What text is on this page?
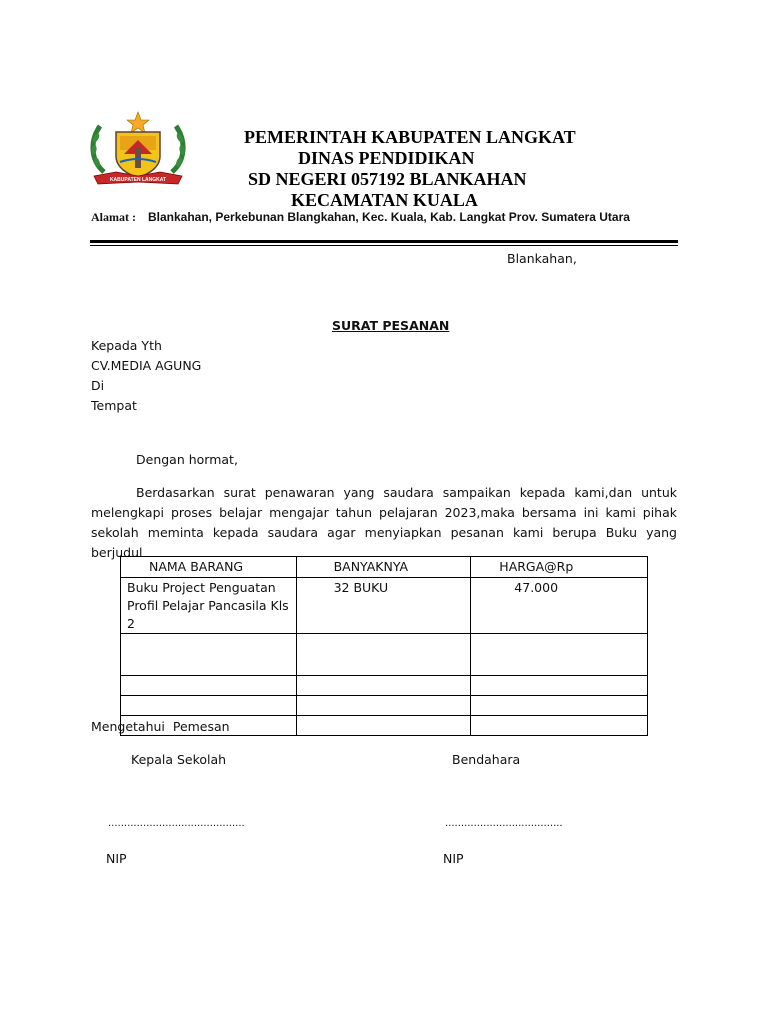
KABUPATEN LANGKAT
PEMERINTAH KABUPATEN LANGKAT
DINAS PENDIDIKAN
SD NEGERI 057192 BLANKAHAN
KECAMATAN KUALA
Alamat : Blankahan, Perkebunan Blangkahan, Kec. Kuala, Kab. Langkat Prov. Sumatera Utara
Blankahan,
SURAT PESANAN
Kepada Yth
CV.MEDIA AGUNG
Di
Tempat
Dengan hormat,
Berdasarkan surat penawaran yang saudara sampaikan kepada kami,dan untuk melengkapi proses belajar mengajar tahun pelajaran 2023,maka bersama ini kami pihak sekolah meminta kepada saudara agar menyiapkan pesanan kami berupa Buku yang berjudul
NAMA BARANG	BANYAKNYA	HARGA@Rp
Buku Project Penguatan Profil Pelajar Pancasila Kls 2	32 BUKU	47.000

Mengetahui  Pemesan
Kepala Sekolah	Bendahara
...........................................	.....................................
NIP	NIP
